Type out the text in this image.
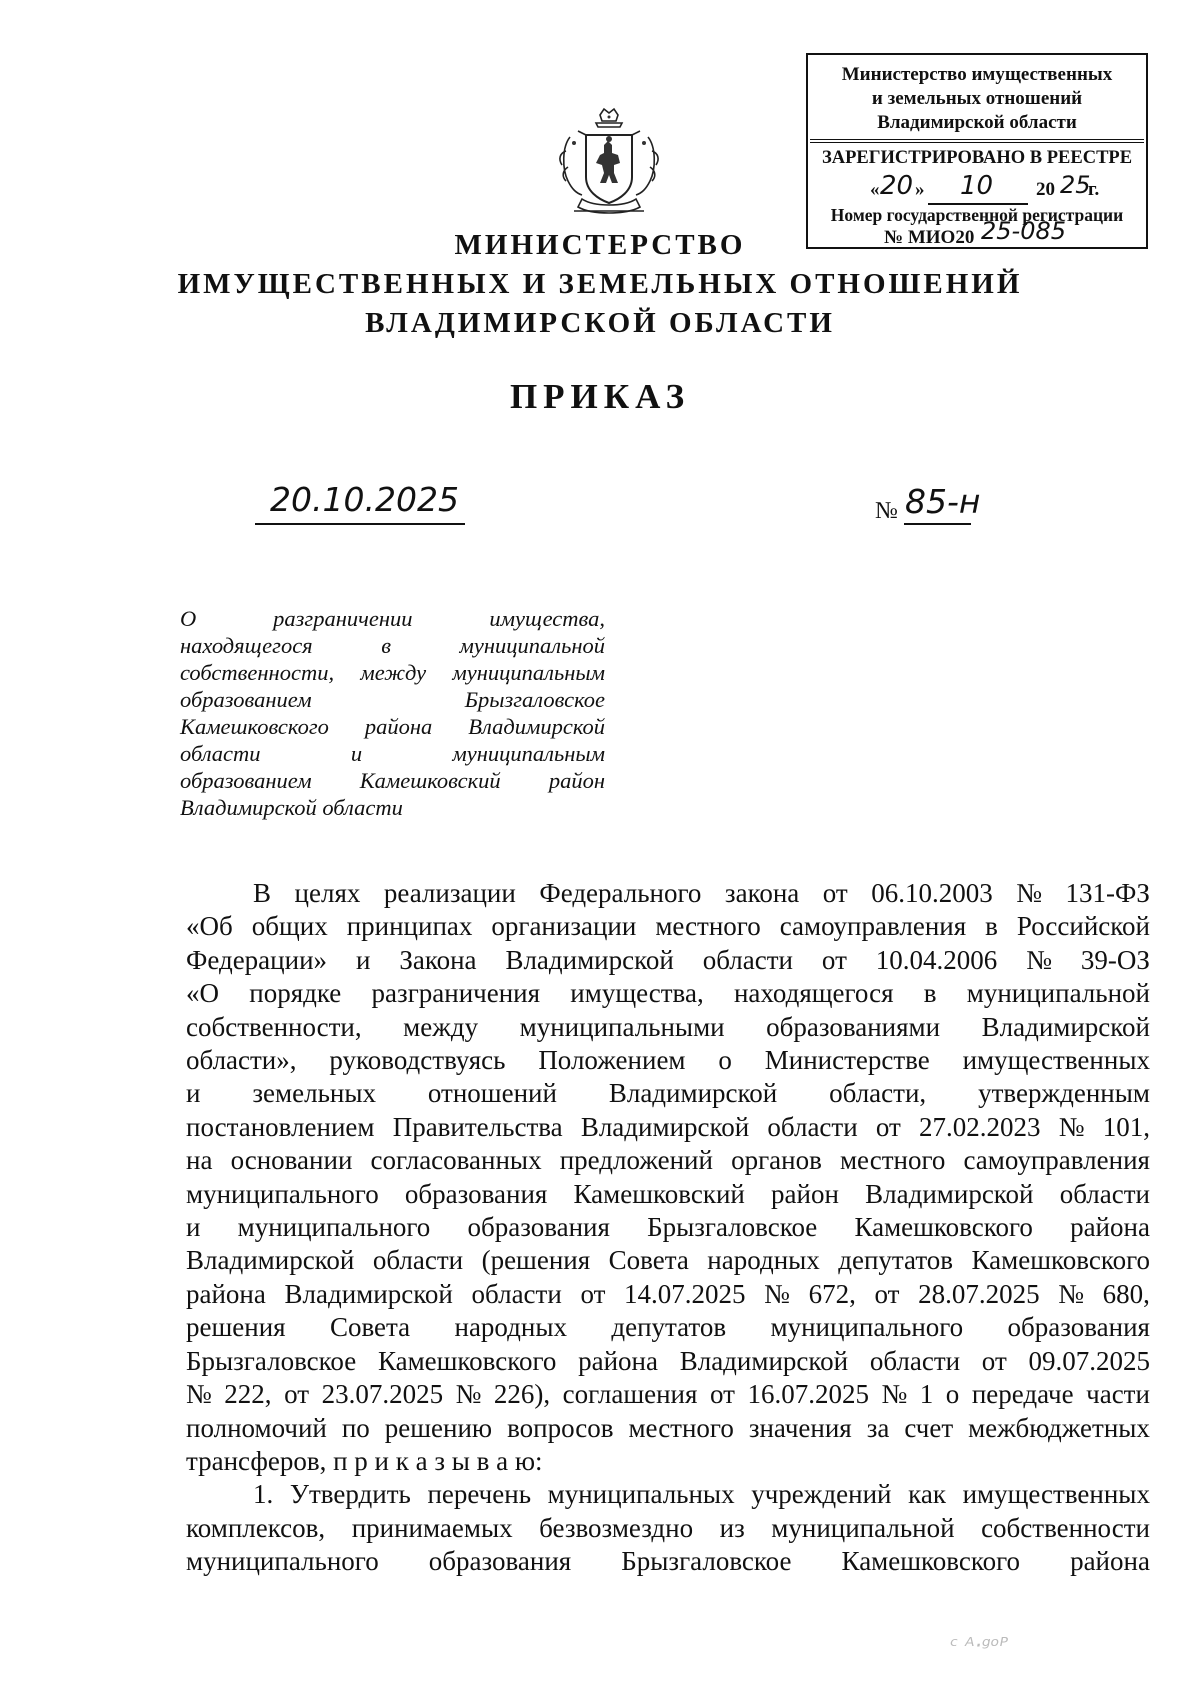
Министерство имущественных
и земельных отношений
Владимирской области
ЗАРЕГИСТРИРОВАНО В РЕЕСТРЕ
« 20 » 10 20 25
г.
Номер государственной регистрации
№ МИО20 25-085
МИНИСТЕРСТВО
ИМУЩЕСТВЕННЫХ И ЗЕМЕЛЬНЫХ ОТНОШЕНИЙ
ВЛАДИМИРСКОЙ ОБЛАСТИ
ПРИКАЗ
20.10.2025	№ 85-н
О	разграничении	имущества,
находящегося	в	муниципальной
собственности, между муниципальным
образованием	Брызгаловское
Камешковского района Владимирской
области	и	муниципальным
образованием Камешковский район
Владимирской области
В целях реализации Федерального закона от 06.10.2003 № 131-ФЗ
«Об общих принципах организации местного самоуправления в Российской
Федерации» и Закона Владимирской области от 10.04.2006 № 39-ОЗ
«О порядке разграничения имущества, находящегося в муниципальной
собственности, между муниципальными образованиями Владимирской
области», руководствуясь Положением о Министерстве имущественных
и земельных отношений Владимирской области, утвержденным
постановлением Правительства Владимирской области от 27.02.2023 № 101,
на основании согласованных предложений органов местного самоуправления
муниципального образования Камешковский район Владимирской области
и муниципального образования Брызгаловское Камешковского района
Владимирской области (решения Совета народных депутатов Камешковского
района Владимирской области от 14.07.2025 № 672, от 28.07.2025 № 680,
решения Совета народных депутатов муниципального образования
Брызгаловское Камешковского района Владимирской области от 09.07.2025
№ 222, от 23.07.2025 № 226), соглашения от 16.07.2025 № 1 о передаче части
полномочий по решению вопросов местного значения за счет межбюджетных
трансферов, п р и к а з ы в а ю:
1. Утвердить перечень муниципальных учреждений как имущественных
комплексов, принимаемых безвозмездно из муниципальной собственности
муниципального образования Брызгаловское Камешковского района
ᶜ ᴬ·ᵍᵒᴾ
